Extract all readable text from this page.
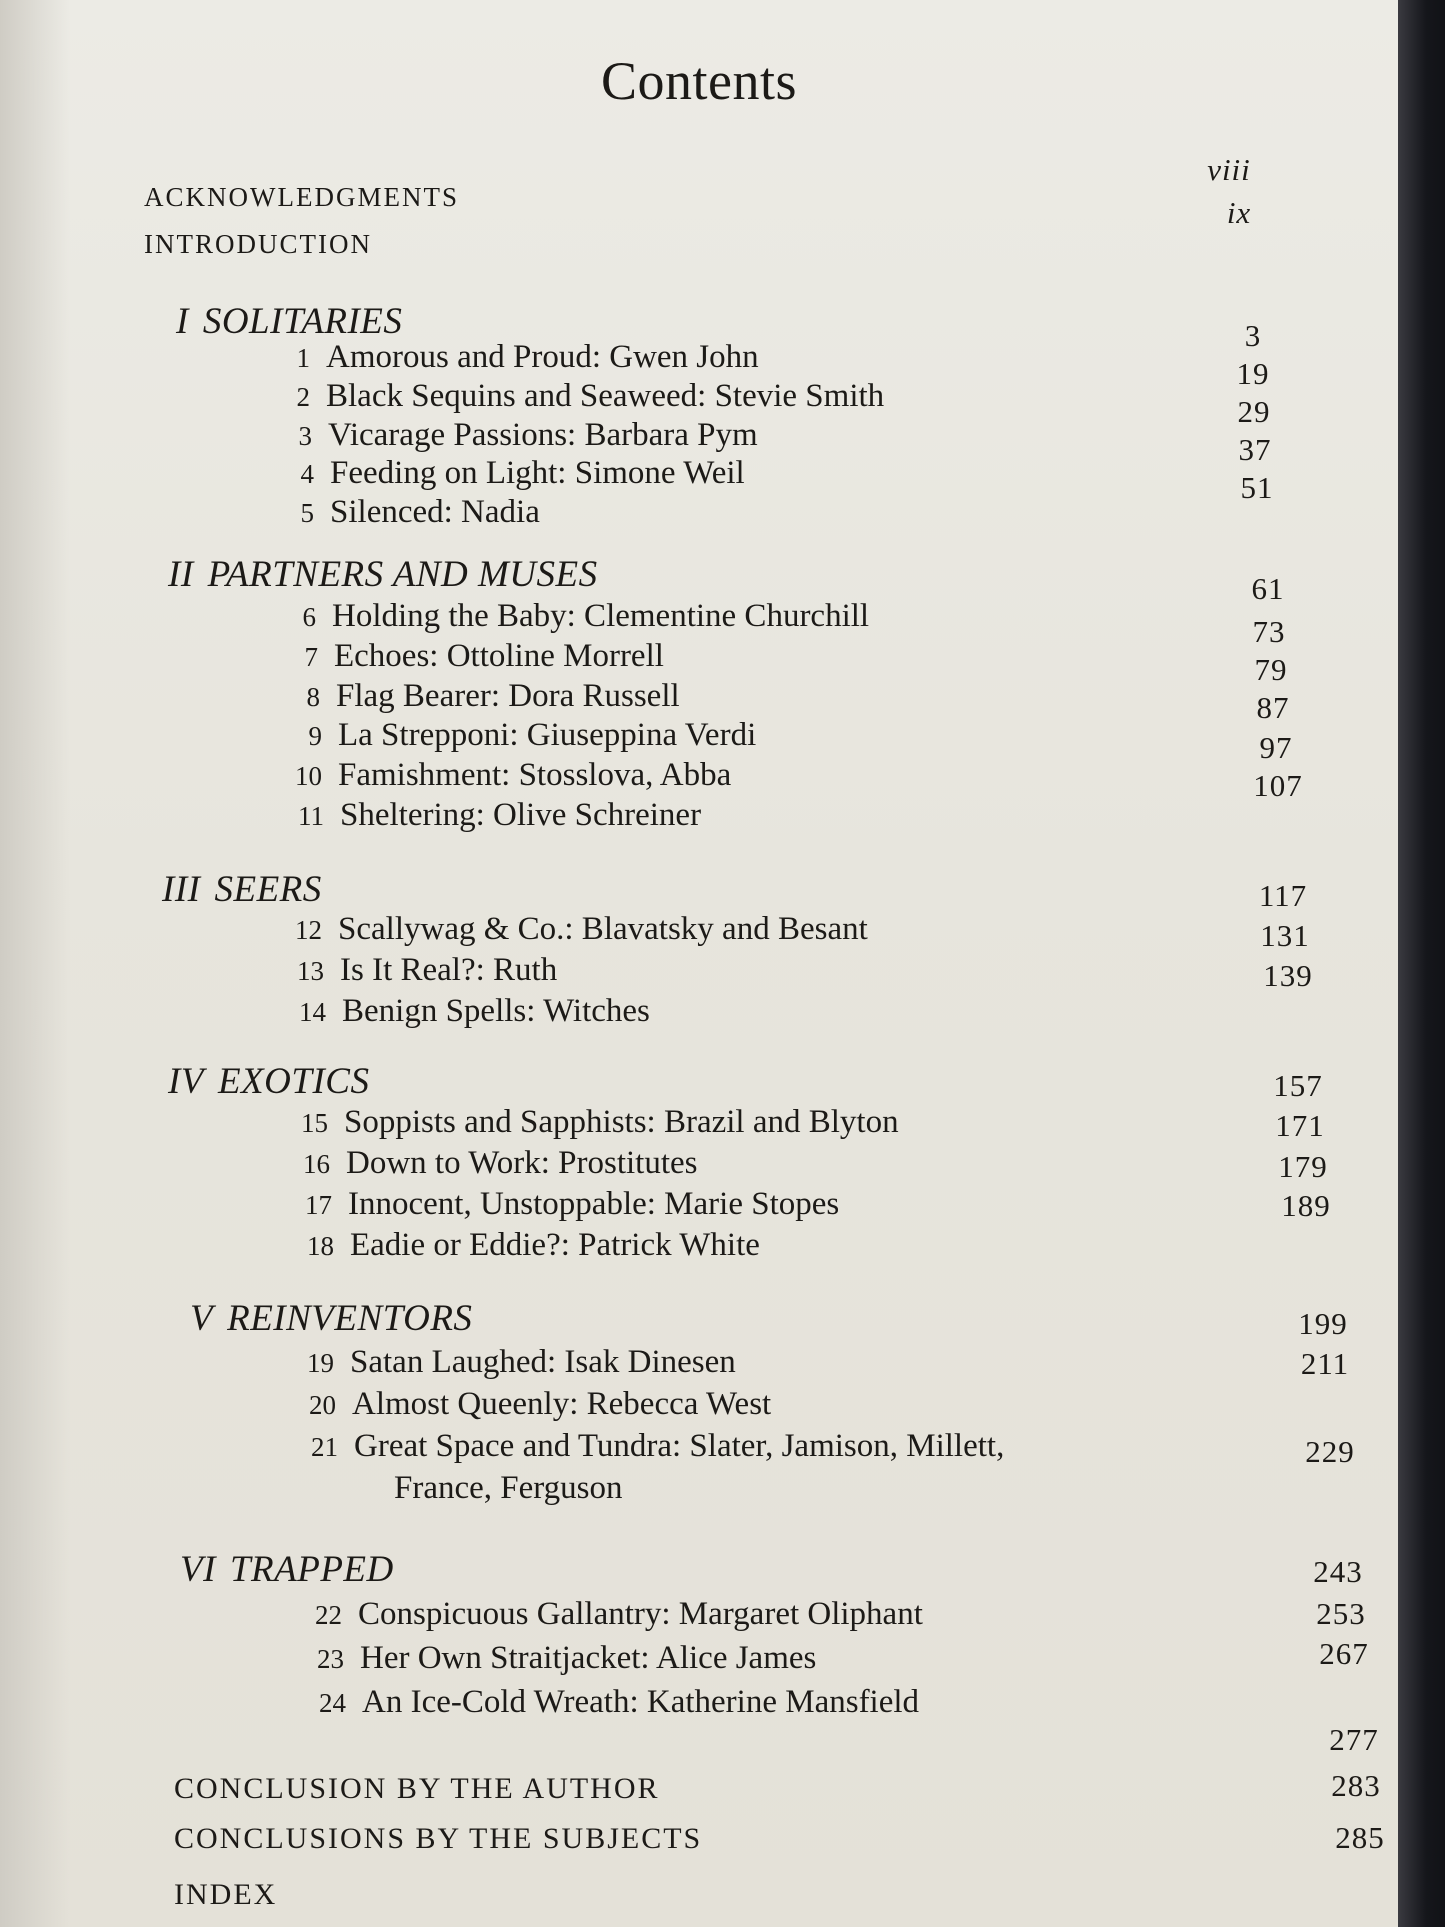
Contents
ACKNOWLEDGMENTS
viii
INTRODUCTION
ix
I SOLITARIES
1 Amorous and Proud: Gwen John
3
2 Black Sequins and Seaweed: Stevie Smith
19
3 Vicarage Passions: Barbara Pym
29
4 Feeding on Light: Simone Weil
37
5 Silenced: Nadia
51
II PARTNERS AND MUSES
6 Holding the Baby: Clementine Churchill
61
7 Echoes: Ottoline Morrell
73
8 Flag Bearer: Dora Russell
79
9 La Strepponi: Giuseppina Verdi
87
10 Famishment: Stosslova, Abba
97
11 Sheltering: Olive Schreiner
107
III SEERS
12 Scallywag & Co.: Blavatsky and Besant
117
13 Is It Real?: Ruth
131
14 Benign Spells: Witches
139
IV EXOTICS
15 Soppists and Sapphists: Brazil and Blyton
157
16 Down to Work: Prostitutes
171
17 Innocent, Unstoppable: Marie Stopes
179
18 Eadie or Eddie?: Patrick White
189
V REINVENTORS
19 Satan Laughed: Isak Dinesen
199
20 Almost Queenly: Rebecca West
211
21 Great Space and Tundra: Slater, Jamison, Millett,
France, Ferguson
229
VI TRAPPED
22 Conspicuous Gallantry: Margaret Oliphant
243
23 Her Own Straitjacket: Alice James
253
24 An Ice-Cold Wreath: Katherine Mansfield
267
CONCLUSION BY THE AUTHOR
277
CONCLUSIONS BY THE SUBJECTS
283
INDEX
285
